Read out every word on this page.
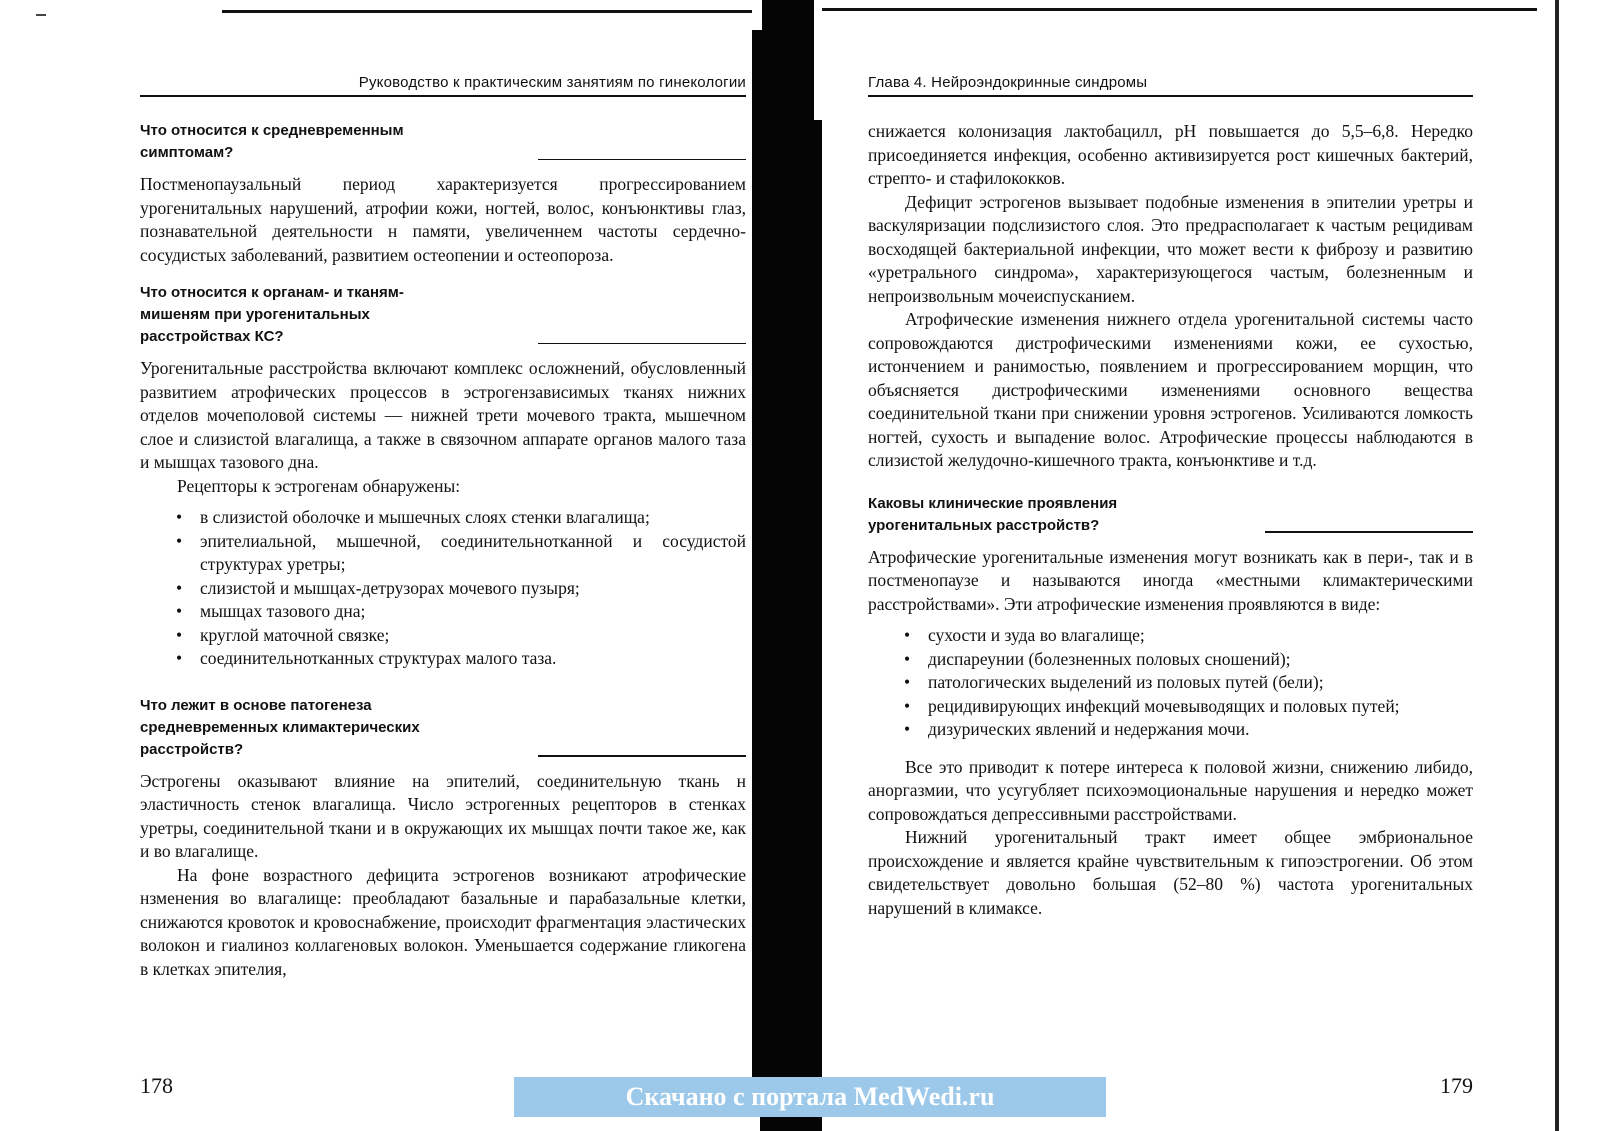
Руководство к практическим занятиям по гинекологии
Что относится к средневременным
симптомам?

Постменопаузальный период характеризуется прогрессированием урогенитальных нарушений, атрофии кожи, ногтей, волос, конъюнктивы глаз, познавательной деятельности н памяти, увеличеннем частоты сердечно-сосудистых заболеваний, развитием остеопении и остеопороза.

Что относится к органам- и тканям-
мишеням при урогенитальных
расстройствах КС?

Урогенитальные расстройства включают комплекс осложнений, обусловленный развитием атрофических процессов в эстрогензависимых тканях нижних отделов мочеполовой системы — нижней трети мочевого тракта, мышечном слое и слизистой влагалища, а также в связочном аппарате органов малого таза и мышцах тазового дна.

Рецепторы к эстрогенам обнаружены:

• в слизистой оболочке и мышечных слоях стенки влагалища;
• эпителиальной, мышечной, соединительнотканной и сосудистой структурах уретры;
• слизистой и мышцах-детрузорах мочевого пузыря;
• мышцах тазового дна;
• круглой маточной связке;
• соединительнотканных структурах малого таза.
Что лежит в основе патогенеза
средневременных климактерических
расстройств?

Эстрогены оказывают влияние на эпителий, соединительную ткань н эластичность стенок влагалища. Число эстрогенных рецепторов в стенках уретры, соединительной ткани и в окружающих их мышцах почти такое же, как и во влагалище.

На фоне возрастного дефицита эстрогенов возникают атрофические нзменения во влагалище: преобладают базальные и парабазальные клетки, снижаются кровоток и кровоснабжение, происходит фрагментация эластических волокон и гиалиноз коллагеновых волокон. Уменьшается содержание гликогена в клетках эпителия,

178
Глава 4. Нейроэндокринные синдромы

снижается колонизация лактобацилл, pH повышается до 5,5–6,8. Нередко присоединяется инфекция, особенно активизируется рост кишечных бактерий, стрепто- и стафилококков.

Дефицит эстрогенов вызывает подобные изменения в эпителии уретры и васкуляризации подслизистого слоя. Это предрасполагает к частым рецидивам восходящей бактериальной инфекции, что может вести к фиброзу и развитию «уретрального синдрома», характеризующегося частым, болезненным и непроизвольным мочеиспусканием.

Атрофические изменения нижнего отдела урогенитальной системы часто сопровождаются дистрофическими изменениями кожи, ее сухостью, истончением и ранимостью, появлением и прогрессированием морщин, что объясняется дистрофическими изменениями основного вещества соединительной ткани при снижении уровня эстрогенов. Усиливаются ломкость ногтей, сухость и выпадение волос. Атрофические процессы наблюдаются в слизистой желудочно-кишечного тракта, конъюнктиве и т.д.

Каковы клинические проявления
урогенитальных расстройств?

Атрофические урогенитальные изменения могут возникать как в пери-, так и в постменопаузе и называются иногда «местными климактерическими расстройствами». Эти атрофические изменения проявляются в виде:

• сухости и зуда во влагалище;
• диспареунии (болезненных половых сношений);
• патологических выделений из половых путей (бели);
• рецидивирующих инфекций мочевыводящих и половых путей;
• дизурических явлений и недержания мочи.

Все это приводит к потере интереса к половой жизни, снижению либидо, аноргазмии, что усугубляет психоэмоциональные нарушения и нередко может сопровождаться депрессивными расстройствами.

Нижний урогенитальный тракт имеет общее эмбриональное происхождение и является крайне чувствительным к гипоэстрогении. Об этом свидетельствует довольно большая (52–80 %) частота урогенитальных нарушений в климаксе.

179
Скачано с портала MedWedi.ru
